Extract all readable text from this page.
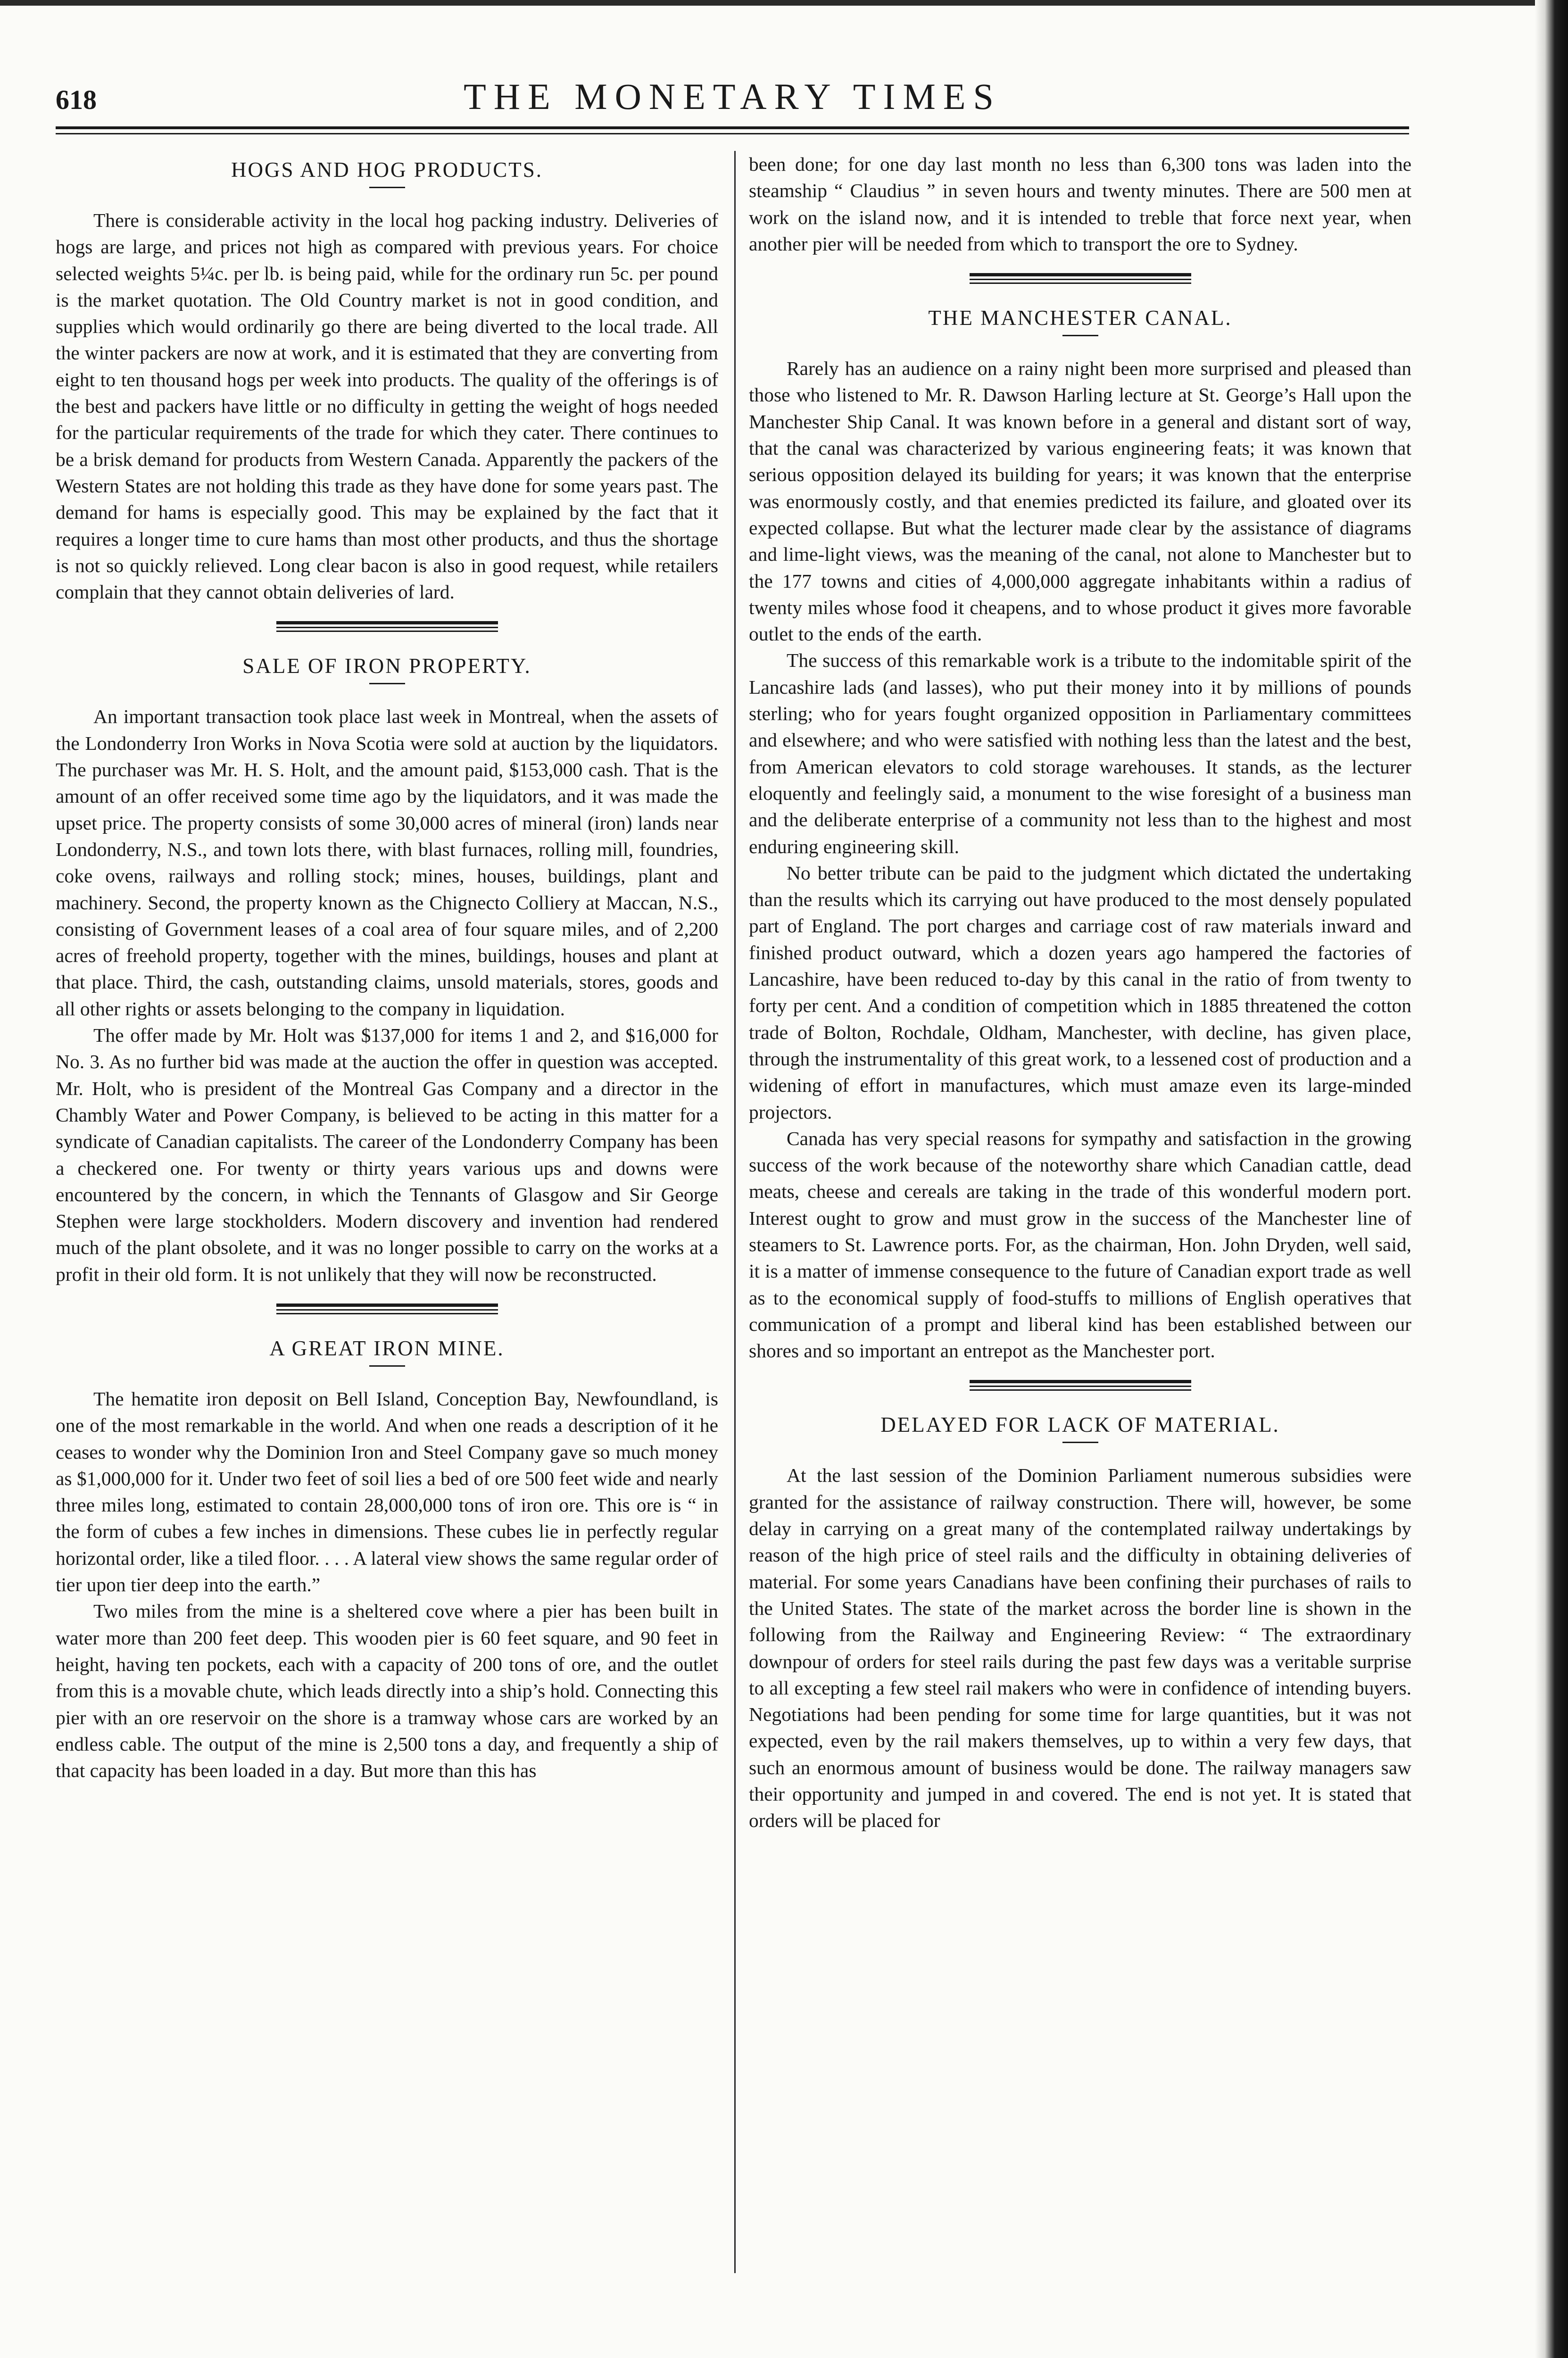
618	THE MONETARY TIMES
HOGS AND HOG PRODUCTS.

There is considerable activity in the local hog packing industry. Deliveries of hogs are large, and prices not high as compared with previous years. For choice selected weights 5¼c. per lb. is being paid, while for the ordinary run 5c. per pound is the market quotation. The Old Country market is not in good condition, and supplies which would ordinarily go there are being diverted to the local trade. All the winter packers are now at work, and it is estimated that they are converting from eight to ten thousand hogs per week into products. The quality of the offerings is of the best and packers have little or no difficulty in getting the weight of hogs needed for the particular requirements of the trade for which they cater. There continues to be a brisk demand for products from Western Canada. Apparently the packers of the Western States are not holding this trade as they have done for some years past. The demand for hams is especially good. This may be explained by the fact that it requires a longer time to cure hams than most other products, and thus the shortage is not so quickly relieved. Long clear bacon is also in good request, while retailers complain that they cannot obtain deliveries of lard.

SALE OF IRON PROPERTY.

An important transaction took place last week in Montreal, when the assets of the Londonderry Iron Works in Nova Scotia were sold at auction by the liquidators. The purchaser was Mr. H. S. Holt, and the amount paid, $153,000 cash. That is the amount of an offer received some time ago by the liquidators, and it was made the upset price. The property consists of some 30,000 acres of mineral (iron) lands near Londonderry, N.S., and town lots there, with blast furnaces, rolling mill, foundries, coke ovens, railways and rolling stock; mines, houses, buildings, plant and machinery. Second, the property known as the Chignecto Colliery at Maccan, N.S., consisting of Government leases of a coal area of four square miles, and of 2,200 acres of freehold property, together with the mines, buildings, houses and plant at that place. Third, the cash, outstanding claims, unsold materials, stores, goods and all other rights or assets belonging to the company in liquidation.

The offer made by Mr. Holt was $137,000 for items 1 and 2, and $16,000 for No. 3. As no further bid was made at the auction the offer in question was accepted. Mr. Holt, who is president of the Montreal Gas Company and a director in the Chambly Water and Power Company, is believed to be acting in this matter for a syndicate of Canadian capitalists. The career of the Londonderry Company has been a checkered one. For twenty or thirty years various ups and downs were encountered by the concern, in which the Tennants of Glasgow and Sir George Stephen were large stockholders. Modern discovery and invention had rendered much of the plant obsolete, and it was no longer possible to carry on the works at a profit in their old form. It is not unlikely that they will now be reconstructed.

A GREAT IRON MINE.

The hematite iron deposit on Bell Island, Conception Bay, Newfoundland, is one of the most remarkable in the world. And when one reads a description of it he ceases to wonder why the Dominion Iron and Steel Company gave so much money as $1,000,000 for it. Under two feet of soil lies a bed of ore 500 feet wide and nearly three miles long, estimated to contain 28,000,000 tons of iron ore. This ore is “ in the form of cubes a few inches in dimensions. These cubes lie in perfectly regular horizontal order, like a tiled floor. . . . A lateral view shows the same regular order of tier upon tier deep into the earth.”

Two miles from the mine is a sheltered cove where a pier has been built in water more than 200 feet deep. This wooden pier is 60 feet square, and 90 feet in height, having ten pockets, each with a capacity of 200 tons of ore, and the outlet from this is a movable chute, which leads directly into a ship’s hold. Connecting this pier with an ore reservoir on the shore is a tramway whose cars are worked by an endless cable. The output of the mine is 2,500 tons a day, and frequently a ship of that capacity has been loaded in a day. But more than this has

been done; for one day last month no less than 6,300 tons was laden into the steamship “ Claudius ” in seven hours and twenty minutes. There are 500 men at work on the island now, and it is intended to treble that force next year, when another pier will be needed from which to transport the ore to Sydney.

THE MANCHESTER CANAL.

Rarely has an audience on a rainy night been more surprised and pleased than those who listened to Mr. R. Dawson Harling lecture at St. George’s Hall upon the Manchester Ship Canal. It was known before in a general and distant sort of way, that the canal was characterized by various engineering feats; it was known that serious opposition delayed its building for years; it was known that the enterprise was enormously costly, and that enemies predicted its failure, and gloated over its expected collapse. But what the lecturer made clear by the assistance of diagrams and lime-light views, was the meaning of the canal, not alone to Manchester but to the 177 towns and cities of 4,000,000 aggregate inhabitants within a radius of twenty miles whose food it cheapens, and to whose product it gives more favorable outlet to the ends of the earth.

The success of this remarkable work is a tribute to the indomitable spirit of the Lancashire lads (and lasses), who put their money into it by millions of pounds sterling; who for years fought organized opposition in Parliamentary committees and elsewhere; and who were satisfied with nothing less than the latest and the best, from American elevators to cold storage warehouses. It stands, as the lecturer eloquently and feelingly said, a monument to the wise foresight of a business man and the deliberate enterprise of a community not less than to the highest and most enduring engineering skill.

No better tribute can be paid to the judgment which dictated the undertaking than the results which its carrying out have produced to the most densely populated part of England. The port charges and carriage cost of raw materials inward and finished product outward, which a dozen years ago hampered the factories of Lancashire, have been reduced to-day by this canal in the ratio of from twenty to forty per cent. And a condition of competition which in 1885 threatened the cotton trade of Bolton, Rochdale, Oldham, Manchester, with decline, has given place, through the instrumentality of this great work, to a lessened cost of production and a widening of effort in manufactures, which must amaze even its large-minded projectors.

Canada has very special reasons for sympathy and satisfaction in the growing success of the work because of the noteworthy share which Canadian cattle, dead meats, cheese and cereals are taking in the trade of this wonderful modern port. Interest ought to grow and must grow in the success of the Manchester line of steamers to St. Lawrence ports. For, as the chairman, Hon. John Dryden, well said, it is a matter of immense consequence to the future of Canadian export trade as well as to the economical supply of food-stuffs to millions of English operatives that communication of a prompt and liberal kind has been established between our shores and so important an entrepot as the Manchester port.

DELAYED FOR LACK OF MATERIAL.

At the last session of the Dominion Parliament numerous subsidies were granted for the assistance of railway construction. There will, however, be some delay in carrying on a great many of the contemplated railway undertakings by reason of the high price of steel rails and the difficulty in obtaining deliveries of material. For some years Canadians have been confining their purchases of rails to the United States. The state of the market across the border line is shown in the following from the Railway and Engineering Review: “ The extraordinary downpour of orders for steel rails during the past few days was a veritable surprise to all excepting a few steel rail makers who were in confidence of intending buyers. Negotiations had been pending for some time for large quantities, but it was not expected, even by the rail makers themselves, up to within a very few days, that such an enormous amount of business would be done. The railway managers saw their opportunity and jumped in and covered. The end is not yet. It is stated that orders will be placed for
